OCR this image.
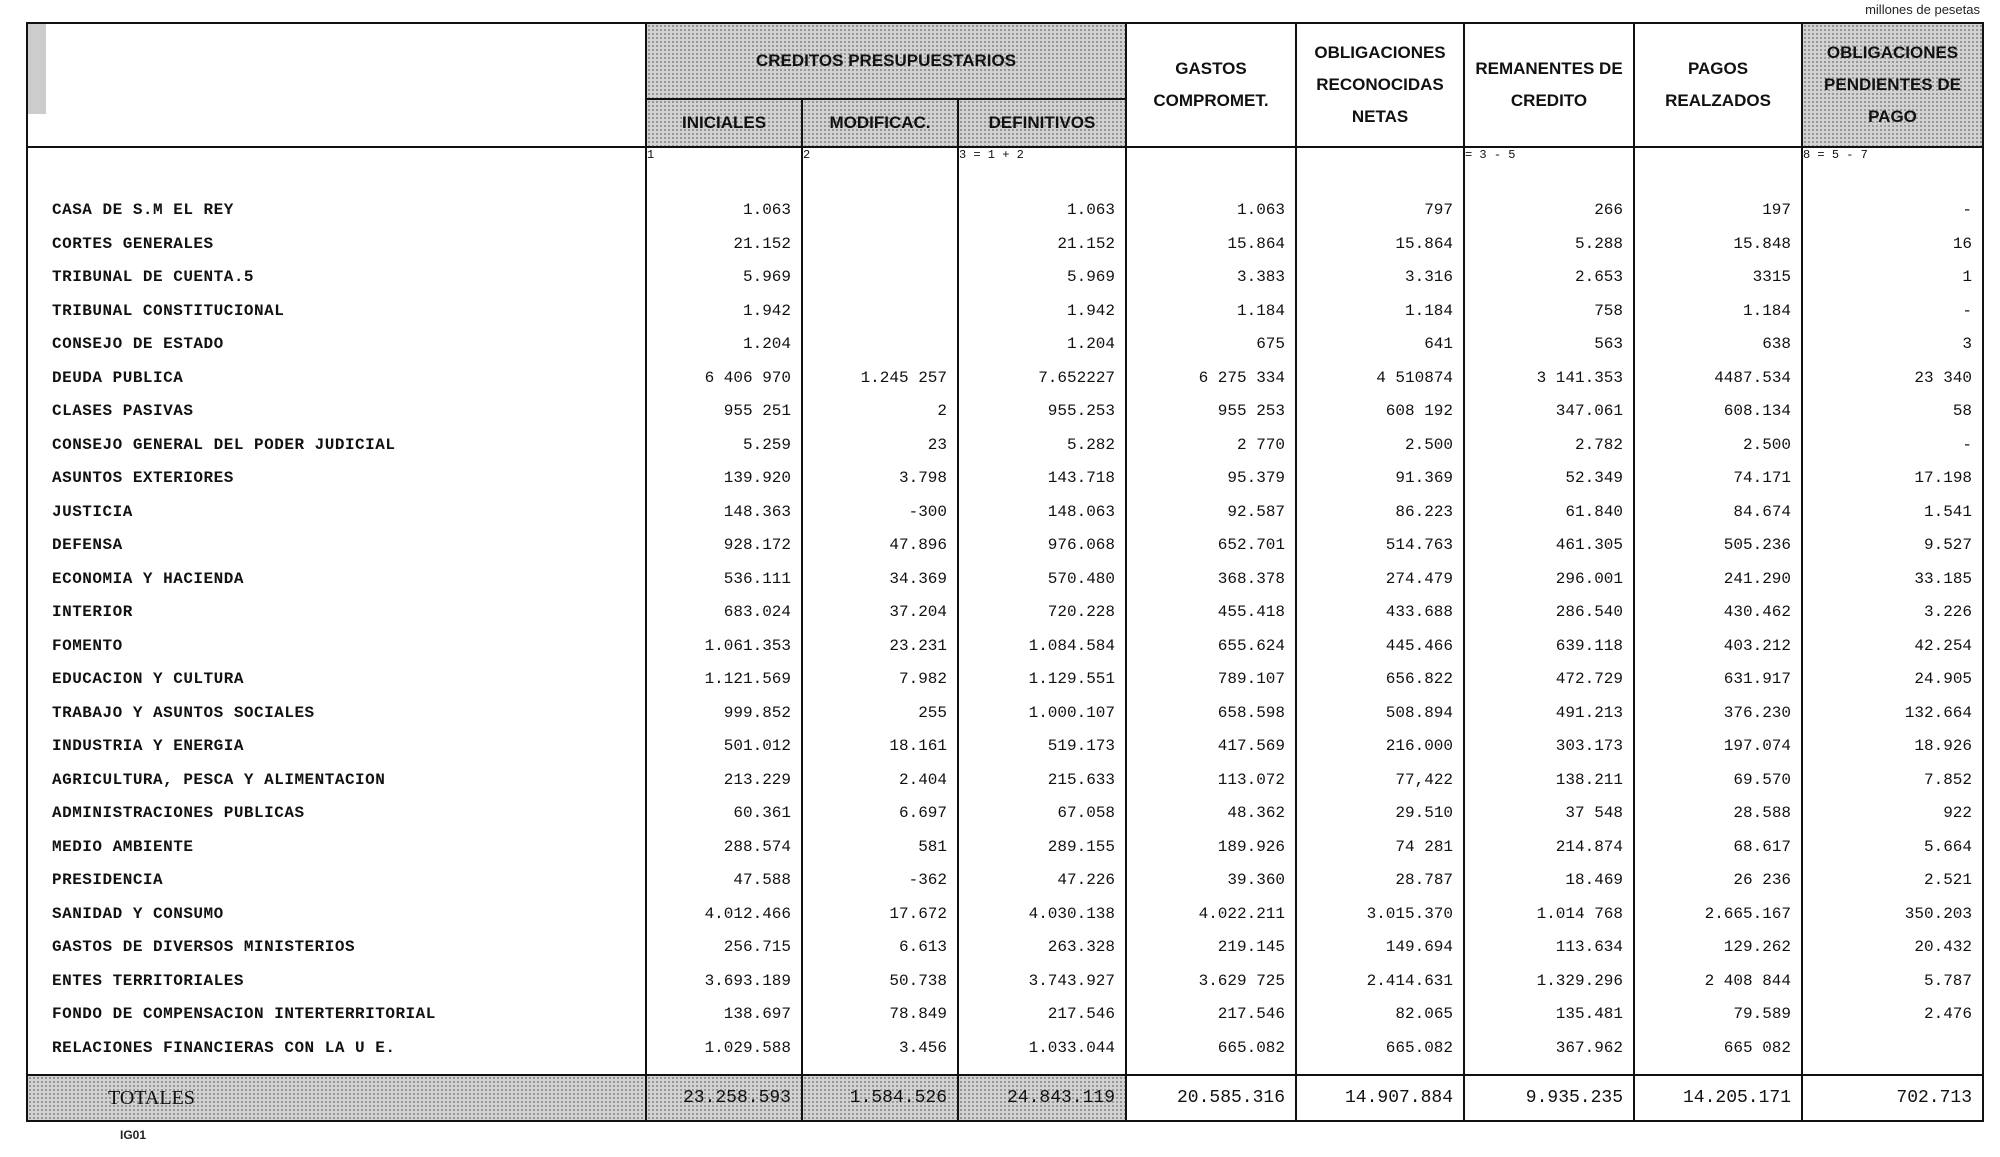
millones de pesetas
	CREDITOS PRESUPUESTARIOS			GASTOS COMPROMET.	OBLIGACIONES RECONOCIDAS NETAS	REMANENTES DE CREDITO	PAGOS REALZADOS	OBLIGACIONES PENDIENTES DE PAGO
	INICIALES	MODIFICAC.	DEFINITIVOS					
	1	2	3 = 1 + 2			= 3 - 5		8 = 5 - 7

CASA DE S.M EL REY	1.063		1.063	1.063	797	266	197	-
CORTES GENERALES	21.152		21.152	15.864	15.864	5.288	15.848	16
TRIBUNAL DE CUENTA.5	5.969		5.969	3.383	3.316	2.653	3315	1
TRIBUNAL CONSTITUCIONAL	1.942		1.942	1.184	1.184	758	1.184	-
CONSEJO DE ESTADO	1.204		1.204	675	641	563	638	3
DEUDA PUBLICA	6 406 970	1.245 257	7.652227	6 275 334	4 510874	3 141.353	4487.534	23 340
CLASES PASIVAS	955 251	2	955.253	955 253	608 192	347.061	608.134	58
CONSEJO GENERAL DEL PODER JUDICIAL	5.259	23	5.282	2 770	2.500	2.782	2.500	-
ASUNTOS EXTERIORES	139.920	3.798	143.718	95.379	91.369	52.349	74.171	17.198
JUSTICIA	148.363	-300	148.063	92.587	86.223	61.840	84.674	1.541
DEFENSA	928.172	47.896	976.068	652.701	514.763	461.305	505.236	9.527
ECONOMIA Y HACIENDA	536.111	34.369	570.480	368.378	274.479	296.001	241.290	33.185
INTERIOR	683.024	37.204	720.228	455.418	433.688	286.540	430.462	3.226
FOMENTO	1.061.353	23.231	1.084.584	655.624	445.466	639.118	403.212	42.254
EDUCACION Y CULTURA	1.121.569	7.982	1.129.551	789.107	656.822	472.729	631.917	24.905
TRABAJO Y ASUNTOS SOCIALES	999.852	255	1.000.107	658.598	508.894	491.213	376.230	132.664
INDUSTRIA Y ENERGIA	501.012	18.161	519.173	417.569	216.000	303.173	197.074	18.926
AGRICULTURA, PESCA Y ALIMENTACION	213.229	2.404	215.633	113.072	77,422	138.211	69.570	7.852
ADMINISTRACIONES PUBLICAS	60.361	6.697	67.058	48.362	29.510	37 548	28.588	922
MEDIO AMBIENTE	288.574	581	289.155	189.926	74 281	214.874	68.617	5.664
PRESIDENCIA	47.588	-362	47.226	39.360	28.787	18.469	26 236	2.521
SANIDAD Y CONSUMO	4.012.466	17.672	4.030.138	4.022.211	3.015.370	1.014 768	2.665.167	350.203
GASTOS DE DIVERSOS MINISTERIOS	256.715	6.613	263.328	219.145	149.694	113.634	129.262	20.432
ENTES TERRITORIALES	3.693.189	50.738	3.743.927	3.629 725	2.414.631	1.329.296	2 408 844	5.787
FONDO DE COMPENSACION INTERTERRITORIAL	138.697	78.849	217.546	217.546	82.065	135.481	79.589	2.476
RELACIONES FINANCIERAS CON LA U E.	1.029.588	3.456	1.033.044	665.082	665.082	367.962	665 082	

TOTALES	23.258.593	1.584.526	24.843.119	20.585.316	14.907.884	9.935.235	14.205.171	702.713
IG01
